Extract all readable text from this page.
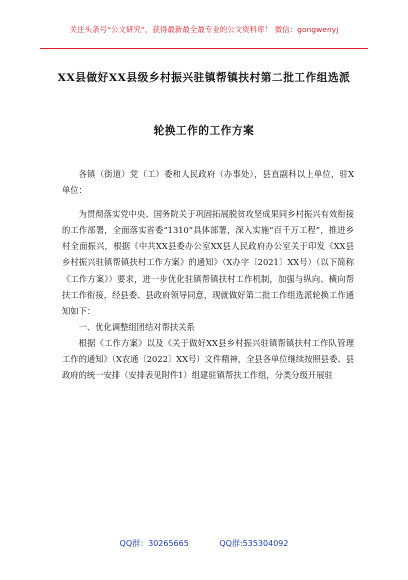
关注头条号“公文研究”，获得最新最全最专业的公文资料库！ 微信：gongwenyj
XX县做好XX县级乡村振兴驻镇帮镇扶村第二批工作组选派
轮换工作的工作方案

各镇（街道）党（工）委和人民政府（办事处），县直副科以上单位，驻X单位：

为贯彻落实党中央、国务院关于巩固拓展脱贫攻坚成果同乡村振兴有效衔接的工作部署，全面落实省委“1310”具体部署，深入实施“百千万工程”，推进乡村全面振兴，根据《中共XX县委办公室XX县人民政府办公室关于印发《XX县乡村振兴驻镇帮镇扶村工作方案》的通知》（X办字〔2021〕XX号）（以下简称《工作方案》）要求，进一步优化驻镇帮镇扶村工作机制，加强与纵向、横向帮扶工作衔接，经县委、县政府领导同意，现就做好第二批工作组选派轮换工作通知如下：

一、优化调整组团结对帮扶关系

根据《工作方案》以及《关于做好XX县乡村振兴驻镇帮镇扶村工作队管理工作的通知》（X农通〔2022〕XX号）文件精神，全县各单位继续按照县委、县政府的统一安排（安排表见附件1）组建驻镇帮扶工作组，分类分级开展驻

QQ群：30265665	QQ群:535304092
